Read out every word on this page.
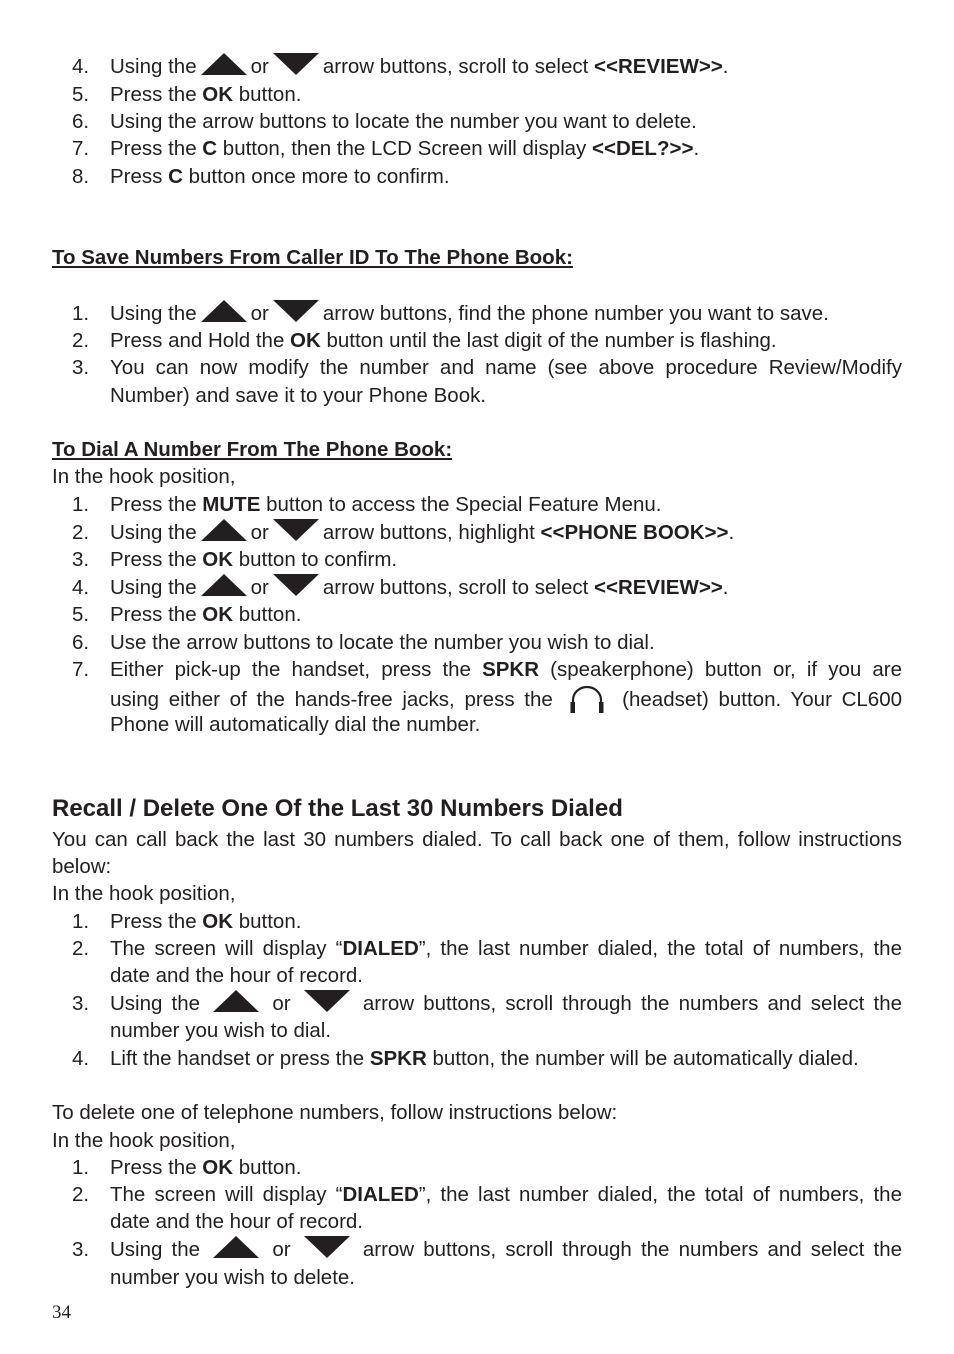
4.	Using the	or	arrow buttons, scroll to select <<REVIEW>>.
5.	Press the OK button.
6.	Using the arrow buttons to locate the number you want to delete.
7.	Press the C button, then the LCD Screen will display <<DEL?>>.
8.	Press C button once more to confirm.
To Save Numbers From Caller ID To The Phone Book:
1.	Using the	or	arrow buttons, find the phone number you want to save.
2.	Press and Hold the OK button until the last digit of the number is flashing.
3.	You can now modify the number and name (see above procedure Review/Modify
Number) and save it to your Phone Book.
To Dial A Number From The Phone Book:
In the hook position,
1.	Press the MUTE button to access the Special Feature Menu.
2.	Using the	or	arrow buttons, highlight <<PHONE BOOK>>.
3.	Press the OK button to confirm.
4.	Using the	or	arrow buttons, scroll to select <<REVIEW>>.
5.	Press the OK button.
6.	Use the arrow buttons to locate the number you wish to dial.
7.	Either pick-up the handset, press the SPKR (speakerphone) button or, if you are
using either of the hands-free jacks, press the	(headset) button. Your CL600
Phone will automatically dial the number.
Recall / Delete One Of the Last 30 Numbers Dialed
You can call back the last 30 numbers dialed. To call back one of them, follow instructions
below:
In the hook position,
1.	Press the OK button.
2.	The screen will display “DIALED”, the last number dialed, the total of numbers, the
date and the hour of record.
3.	Using the	or	arrow buttons, scroll through the numbers and select the
number you wish to dial.
4.	Lift the handset or press the SPKR button, the number will be automatically dialed.
To delete one of telephone numbers, follow instructions below:
In the hook position,
1.	Press the OK button.
2.	The screen will display “DIALED”, the last number dialed, the total of numbers, the
date and the hour of record.
3.	Using the	or	arrow buttons, scroll through the numbers and select the
number you wish to delete.
34
